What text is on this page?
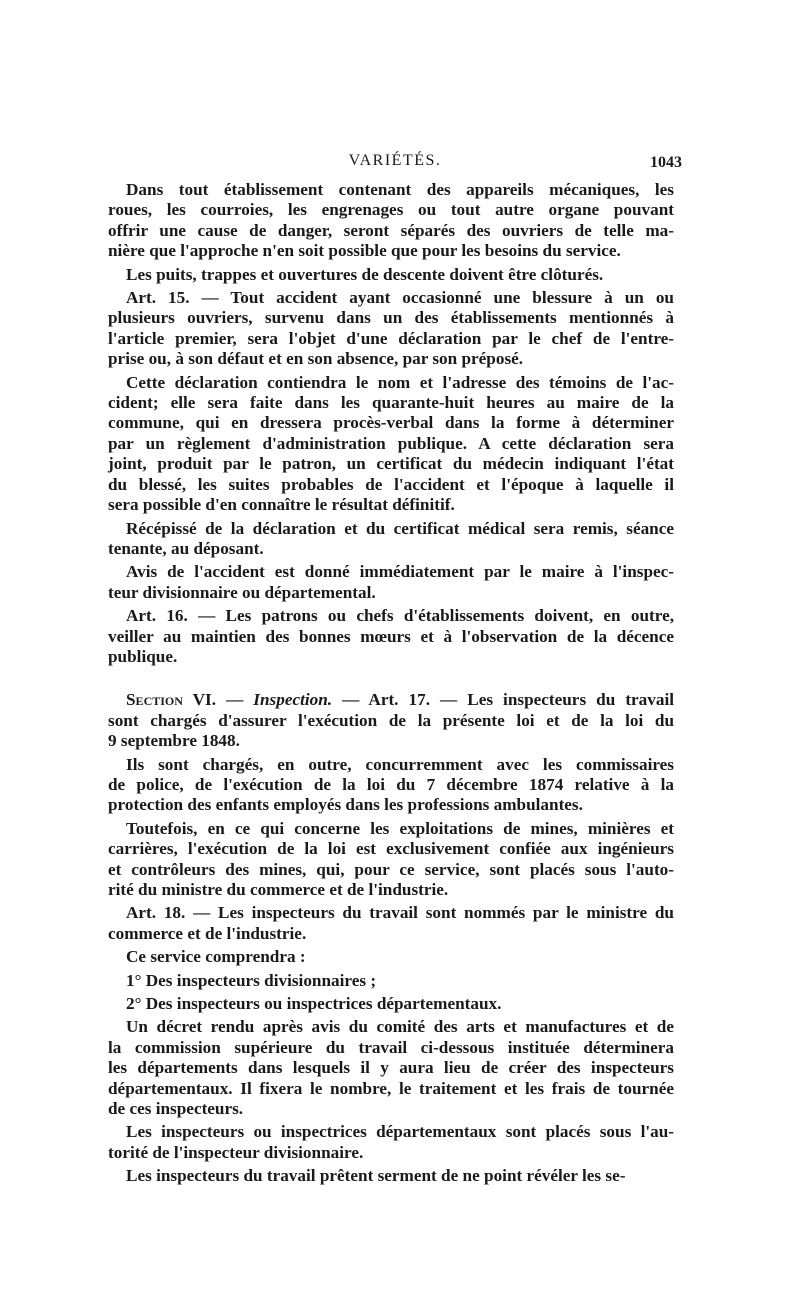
VARIÉTÉS.	1043
Dans tout établissement contenant des appareils mécaniques, les
roues, les courroies, les engrenages ou tout autre organe pouvant
offrir une cause de danger, seront séparés des ouvriers de telle ma-
nière que l'approche n'en soit possible que pour les besoins du service.
Les puits, trappes et ouvertures de descente doivent être clôturés.
Art. 15. — Tout accident ayant occasionné une blessure à un ou
plusieurs ouvriers, survenu dans un des établissements mentionnés à
l'article premier, sera l'objet d'une déclaration par le chef de l'entre-
prise ou, à son défaut et en son absence, par son préposé.
Cette déclaration contiendra le nom et l'adresse des témoins de l'ac-
cident; elle sera faite dans les quarante-huit heures au maire de la
commune, qui en dressera procès-verbal dans la forme à déterminer
par un règlement d'administration publique. A cette déclaration sera
joint, produit par le patron, un certificat du médecin indiquant l'état
du blessé, les suites probables de l'accident et l'époque à laquelle il
sera possible d'en connaître le résultat définitif.
Récépissé de la déclaration et du certificat médical sera remis, séance
tenante, au déposant.
Avis de l'accident est donné immédiatement par le maire à l'inspec-
teur divisionnaire ou départemental.
Art. 16. — Les patrons ou chefs d'établissements doivent, en outre,
veiller au maintien des bonnes mœurs et à l'observation de la décence
publique.
Section VI. — Inspection. — Art. 17. — Les inspecteurs du travail
sont chargés d'assurer l'exécution de la présente loi et de la loi du
9 septembre 1848.
Ils sont chargés, en outre, concurremment avec les commissaires
de police, de l'exécution de la loi du 7 décembre 1874 relative à la
protection des enfants employés dans les professions ambulantes.
Toutefois, en ce qui concerne les exploitations de mines, minières et
carrières, l'exécution de la loi est exclusivement confiée aux ingénieurs
et contrôleurs des mines, qui, pour ce service, sont placés sous l'auto-
rité du ministre du commerce et de l'industrie.
Art. 18. — Les inspecteurs du travail sont nommés par le ministre du
commerce et de l'industrie.
Ce service comprendra :
1° Des inspecteurs divisionnaires ;
2° Des inspecteurs ou inspectrices départementaux.
Un décret rendu après avis du comité des arts et manufactures et de
la commission supérieure du travail ci-dessous instituée déterminera
les départements dans lesquels il y aura lieu de créer des inspecteurs
départementaux. Il fixera le nombre, le traitement et les frais de tournée
de ces inspecteurs.
Les inspecteurs ou inspectrices départementaux sont placés sous l'au-
torité de l'inspecteur divisionnaire.
Les inspecteurs du travail prêtent serment de ne point révéler les se-
